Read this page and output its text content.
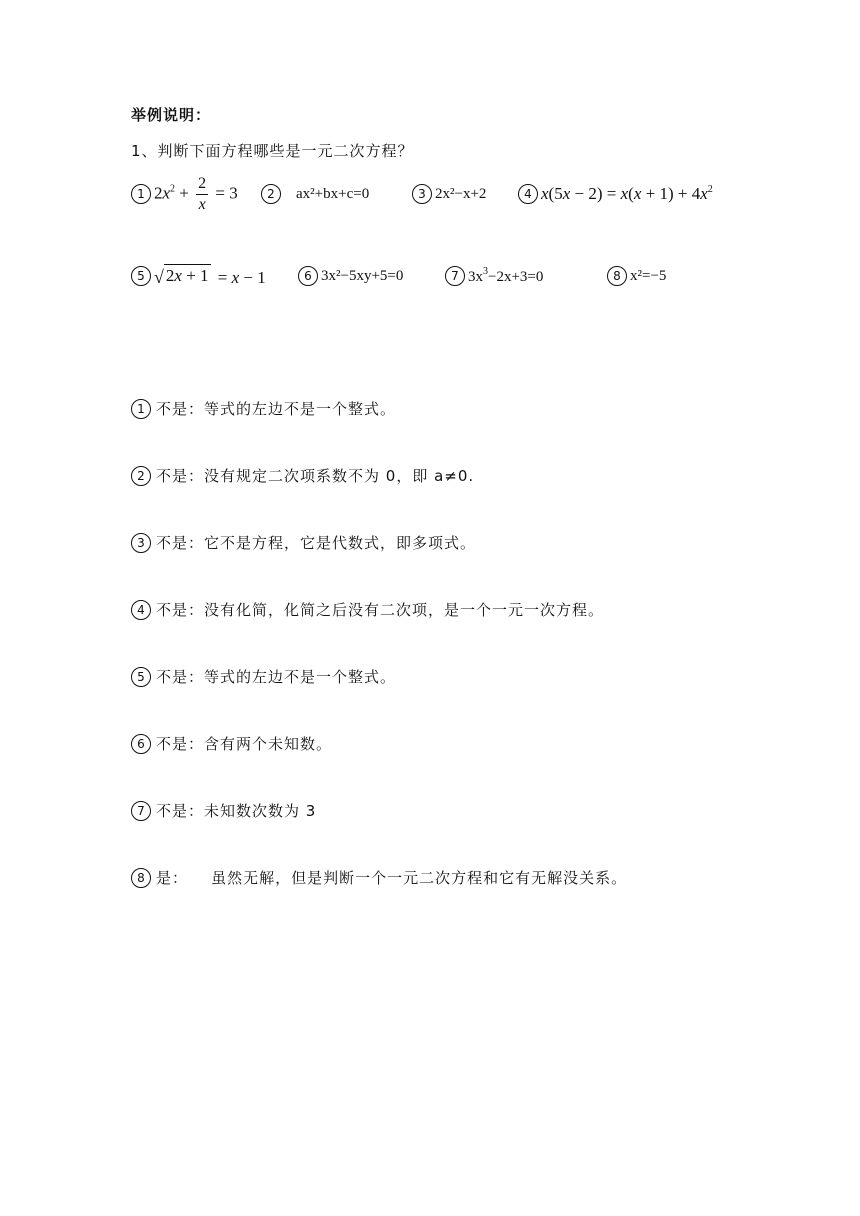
举例说明：
1、判断下面方程哪些是一元二次方程？
1 $2x^2 + \frac{2}{x} = 3$	2	ax²+bx+c=0	3 2x²−x+2	4 $x(5x - 2) = x(x + 1) + 4x^2$
5 √ 2x + 1 = x − 1	6 3x²−5xy+5=0	7 $3x^3-2x+3=0$	8 x²=−5
1 不是： 等式的左边不是一个整式。
2 不是： 没有规定二次项系数不为 0，即 a≠0.
3 不是： 它不是方程，它是代数式，即多项式。
4 不是： 没有化简，化简之后没有二次项，是一个一元一次方程。
5 不是： 等式的左边不是一个整式。
6 不是： 含有两个未知数。
7 不是： 未知数次数为 3
8 是： 虽然无解，但是判断一个一元二次方程和它有无解没关系。
